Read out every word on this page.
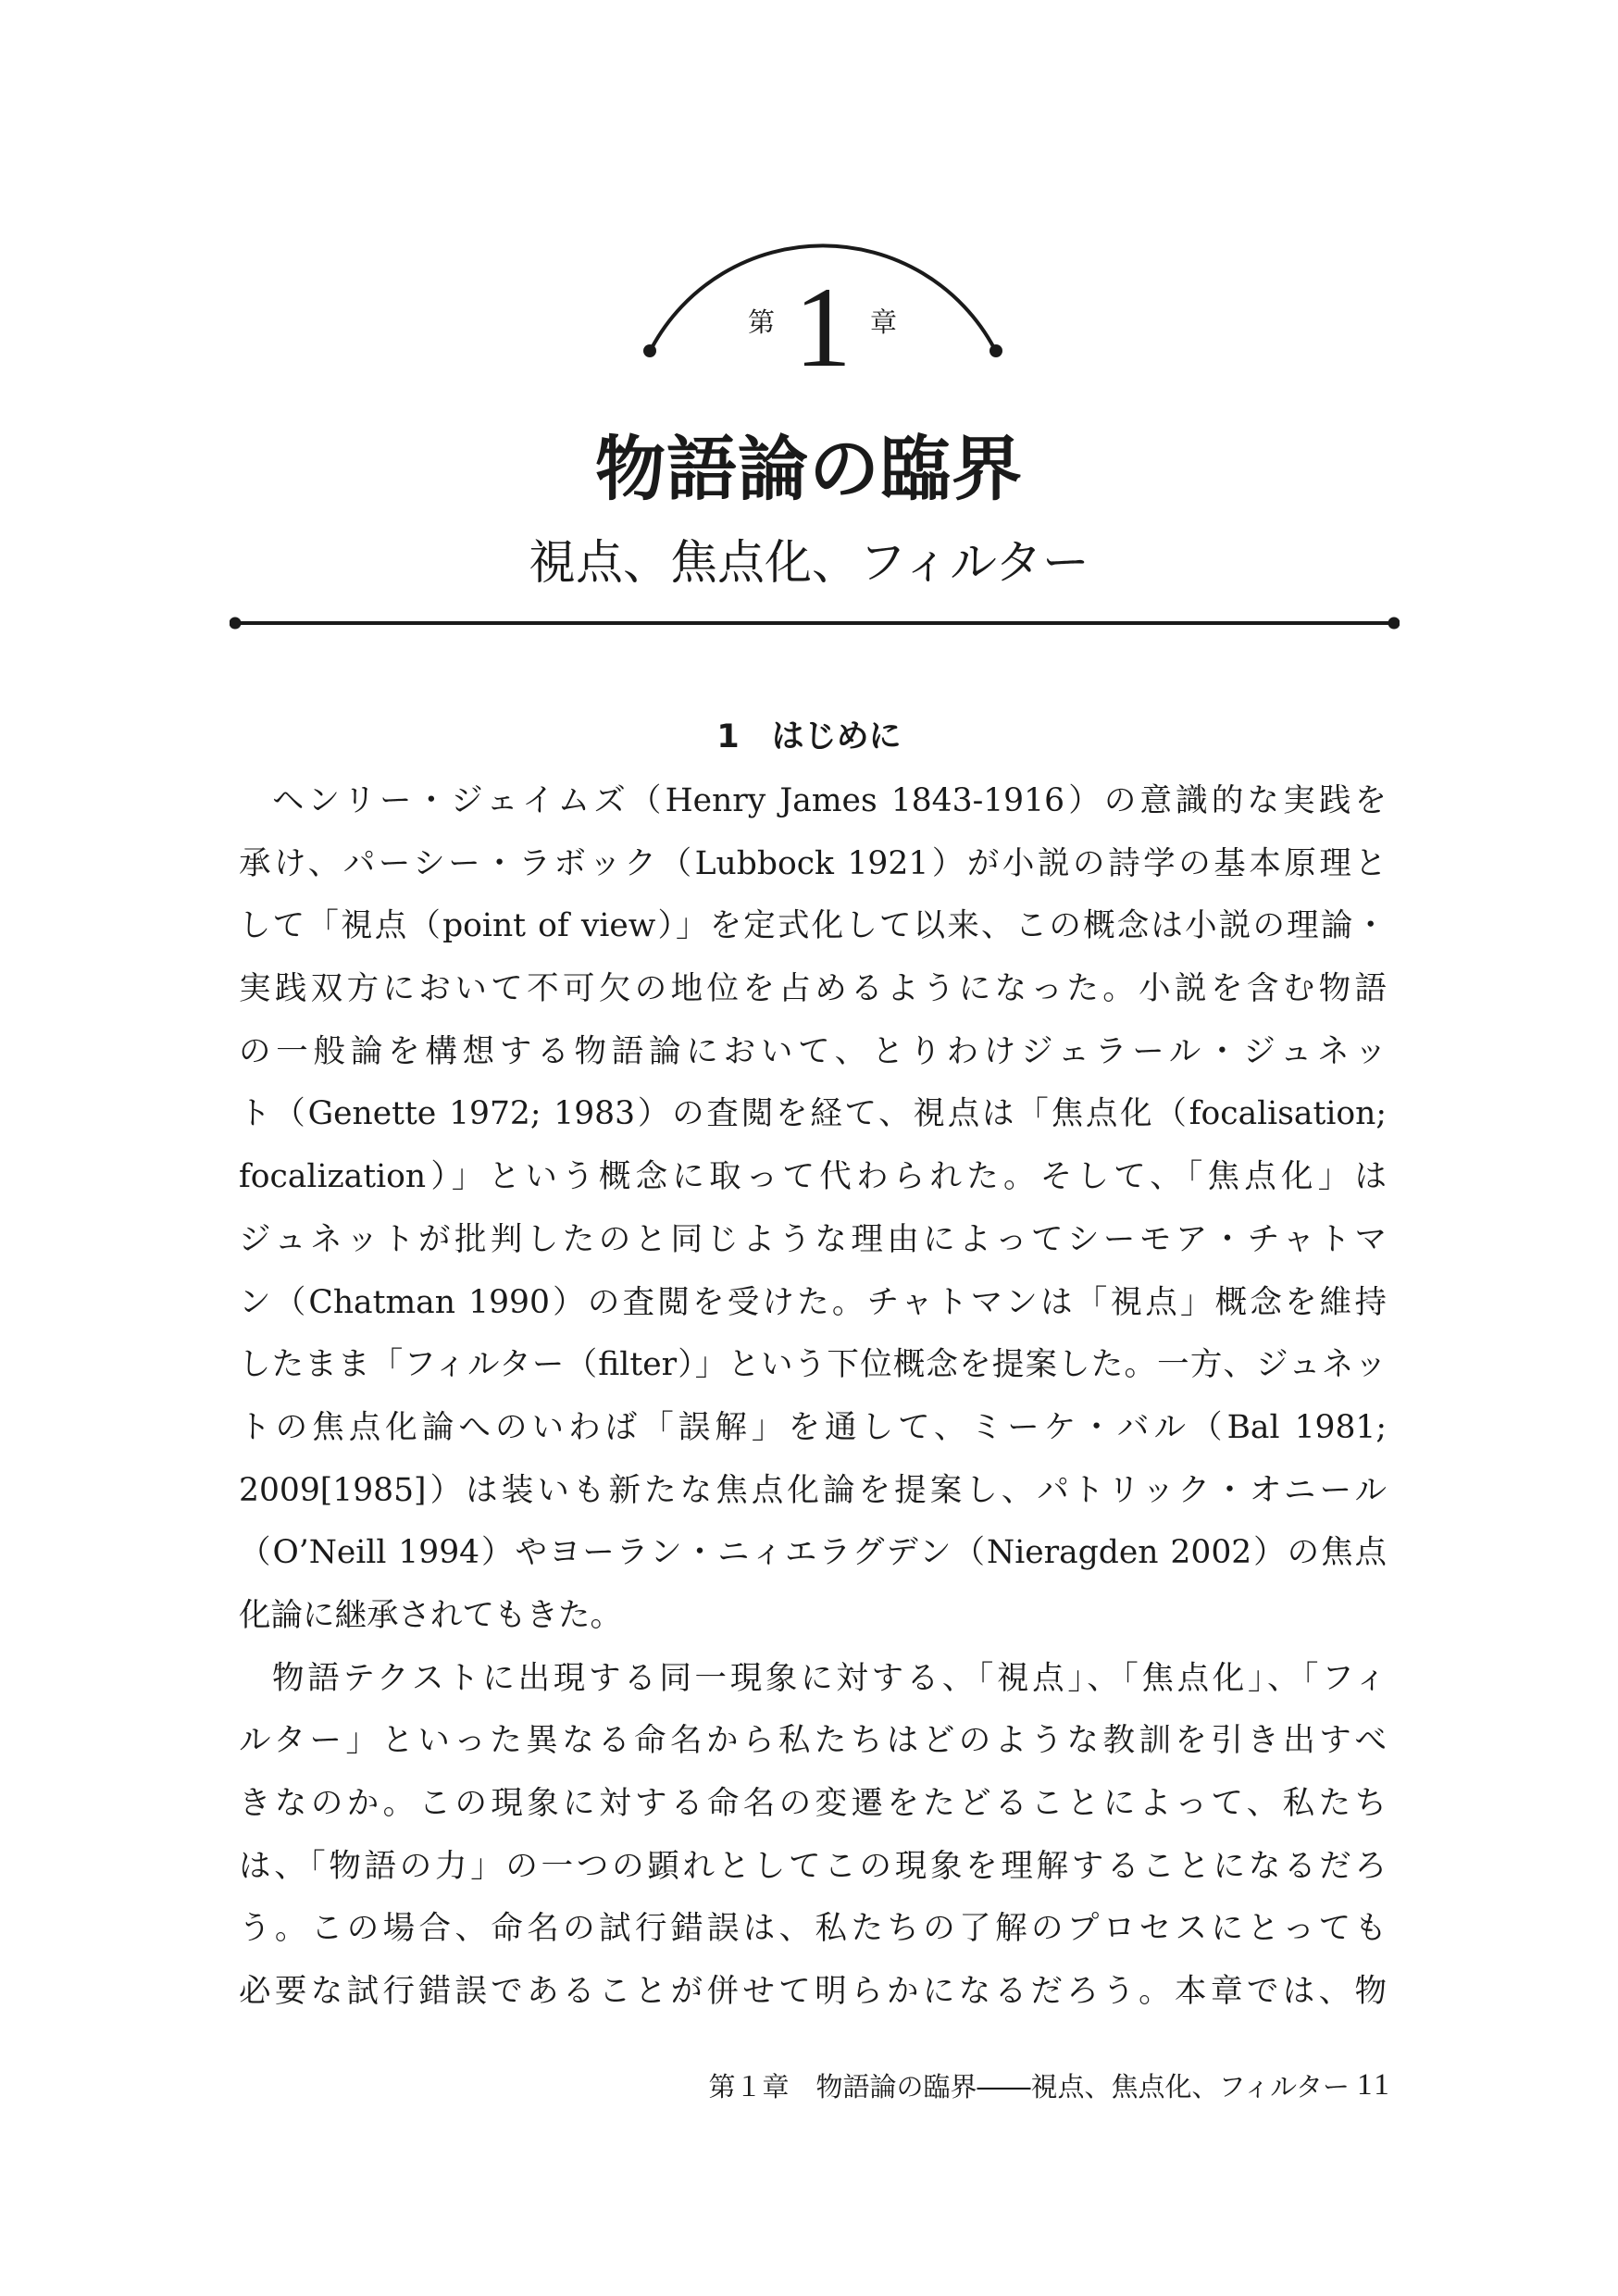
第 1 章
物語論の臨界
視点、焦点化、フィルター
1　はじめに
ヘンリー・ジェイムズ（Henry James 1843-1916）の意識的な実践を
承け、パーシー・ラボック（Lubbock 1921）が小説の詩学の基本原理と
して「視点（point of view）」を定式化して以来、この概念は小説の理論・
実践双方において不可欠の地位を占めるようになった。小説を含む物語
の一般論を構想する物語論において、とりわけジェラール・ジュネッ
ト（Genette 1972; 1983）の査閲を経て、視点は「焦点化（focalisation;
focalization）」という概念に取って代わられた。そして、「焦点化」は
ジュネットが批判したのと同じような理由によってシーモア・チャトマ
ン（Chatman 1990）の査閲を受けた。チャトマンは「視点」概念を維持
したまま「フィルター（filter）」という下位概念を提案した。一方、ジュネッ
トの焦点化論へのいわば「誤解」を通して、ミーケ・バル（Bal 1981;
2009[1985]）は装いも新たな焦点化論を提案し、パトリック・オニール
（O’Neill 1994）やヨーラン・ニィエラグデン（Nieragden 2002）の焦点
化論に継承されてもきた。
物語テクストに出現する同一現象に対する、「視点」、「焦点化」、「フィ
ルター」といった異なる命名から私たちはどのような教訓を引き出すべ
きなのか。この現象に対する命名の変遷をたどることによって、私たち
は、「物語の力」の一つの顕れとしてこの現象を理解することになるだろ
う。この場合、命名の試行錯誤は、私たちの了解のプロセスにとっても
必要な試行錯誤であることが併せて明らかになるだろう。本章では、物
第１章　物語論の臨界――視点、焦点化、フィルター 11
